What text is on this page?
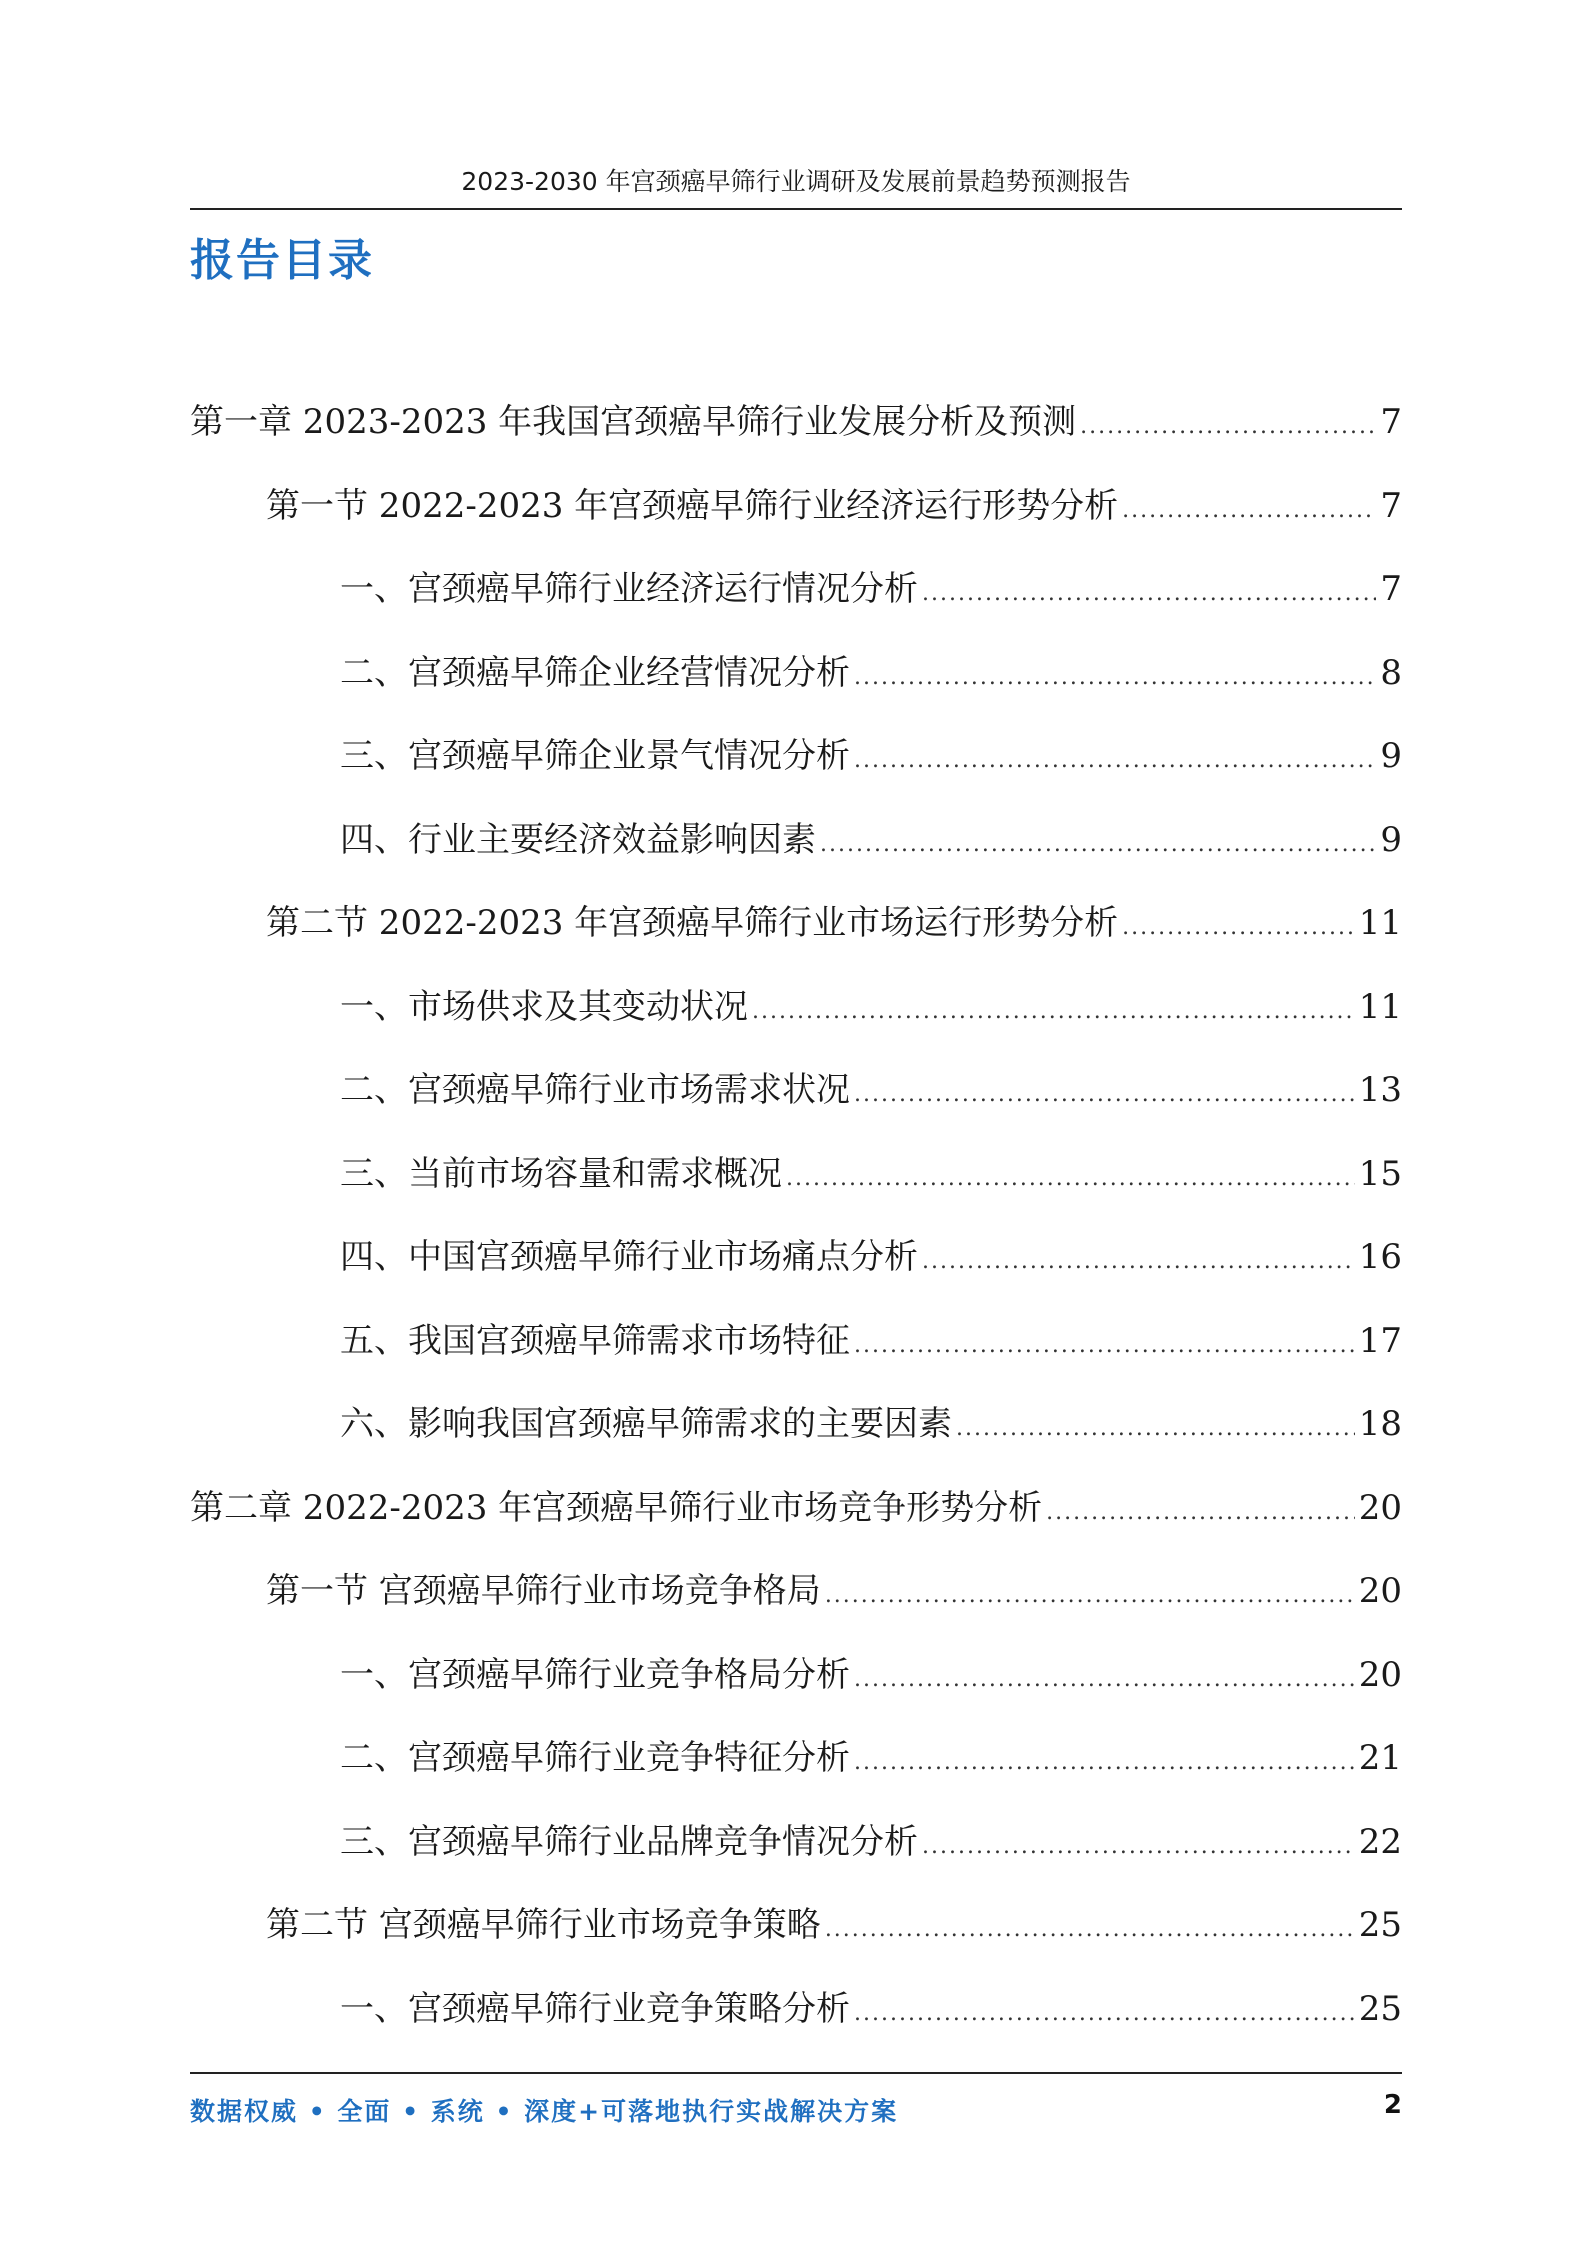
2023-2030 年宫颈癌早筛行业调研及发展前景趋势预测报告
报告目录
第一章 2023-2023 年我国宫颈癌早筛行业发展分析及预测 .....	7
第一节 2022-2023 年宫颈癌早筛行业经济运行形势分析 .....	7
一、宫颈癌早筛行业经济运行情况分析 .....	7
二、宫颈癌早筛企业经营情况分析 .....	8
三、宫颈癌早筛企业景气情况分析 .....	9
四、行业主要经济效益影响因素 .....	9
第二节 2022-2023 年宫颈癌早筛行业市场运行形势分析 .....	11
一、市场供求及其变动状况 .....	11
二、宫颈癌早筛行业市场需求状况 .....	13
三、当前市场容量和需求概况 .....	15
四、中国宫颈癌早筛行业市场痛点分析 .....	16
五、我国宫颈癌早筛需求市场特征 .....	17
六、影响我国宫颈癌早筛需求的主要因素 .....	18
第二章 2022-2023 年宫颈癌早筛行业市场竞争形势分析 .....	20
第一节 宫颈癌早筛行业市场竞争格局 .....	20
一、宫颈癌早筛行业竞争格局分析 .....	20
二、宫颈癌早筛行业竞争特征分析 .....	21
三、宫颈癌早筛行业品牌竞争情况分析 .....	22
第二节 宫颈癌早筛行业市场竞争策略 .....	25
一、宫颈癌早筛行业竞争策略分析 .....	25
数据权威 • 全面 • 系统 • 深度+可落地执行实战解决方案	2
